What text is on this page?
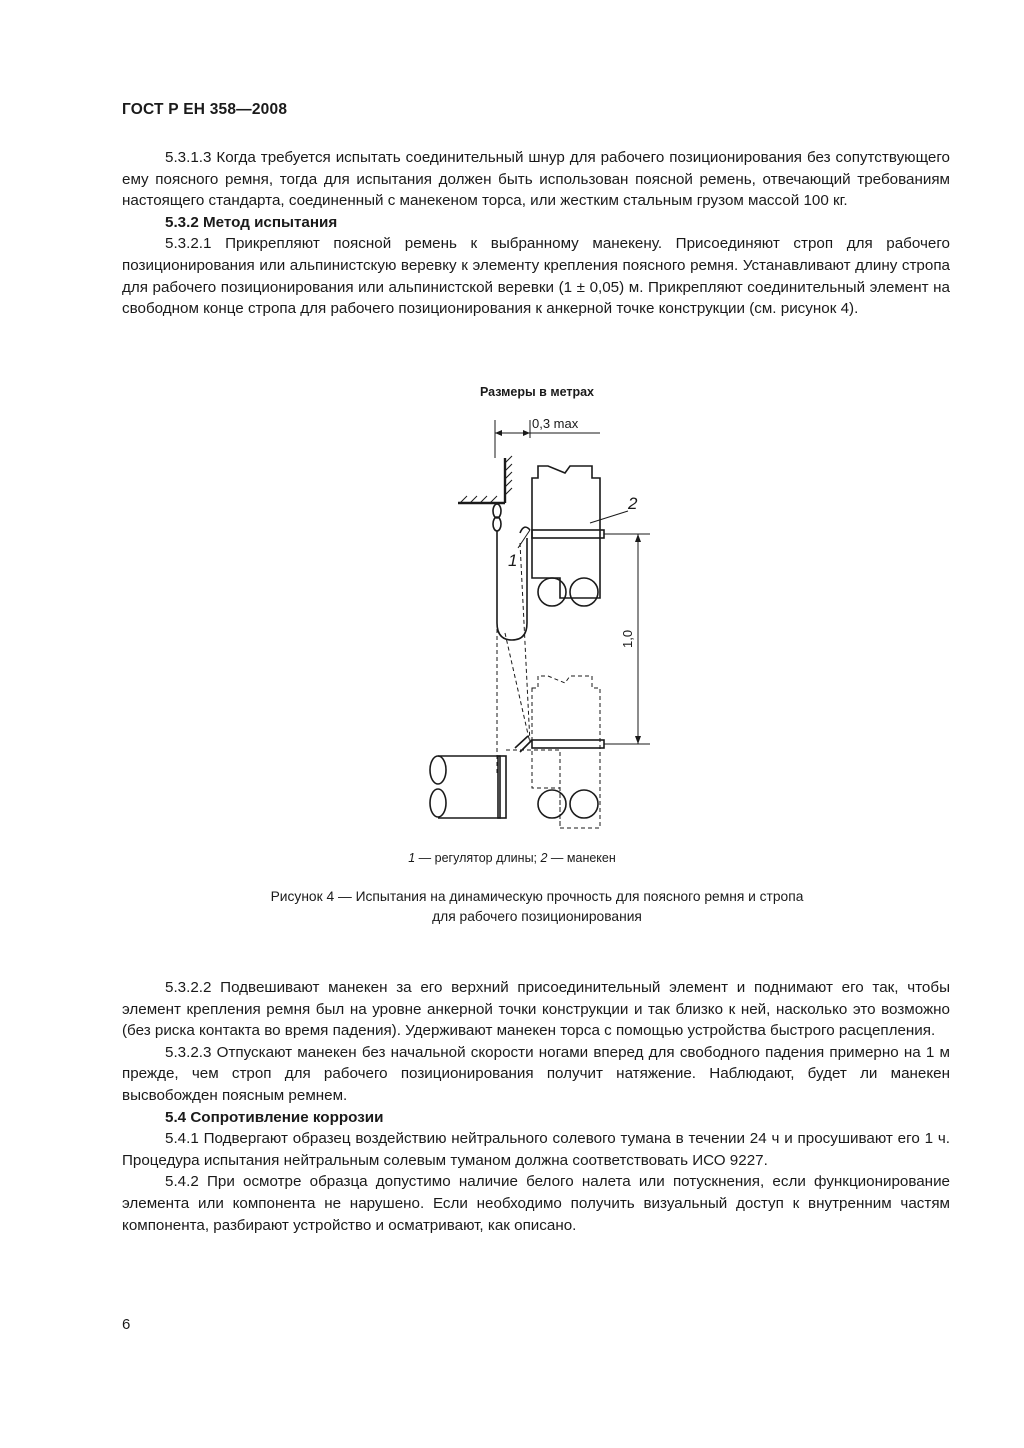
ГОСТ Р ЕН 358—2008

5.3.1.3 Когда требуется испытать соединительный шнур для рабочего позиционирования без сопутствующего ему поясного ремня, тогда для испытания должен быть использован поясной ремень, отвечающий требованиям настоящего стандарта, соединенный с манекеном торса, или жестким стальным грузом массой 100 кг.

5.3.2 Метод испытания

5.3.2.1 Прикрепляют поясной ремень к выбранному манекену. Присоединяют строп для рабочего позиционирования или альпинистскую веревку к элементу крепления поясного ремня. Устанавливают длину стропа для рабочего позиционирования или альпинистской веревки (1 ± 0,05) м. Прикрепляют соединительный элемент на свободном конце стропа для рабочего позиционирования к анкерной точке конструкции (см. рисунок 4).

Размеры в метрах
0,3 max
2
1
1,0
1 — регулятор длины; 2 — манекен
Рисунок 4 — Испытания на динамическую прочность для поясного ремня и стропа
для рабочего позиционирования

5.3.2.2 Подвешивают манекен за его верхний присоединительный элемент и поднимают его так, чтобы элемент крепления ремня был на уровне анкерной точки конструкции и так близко к ней, насколько это возможно (без риска контакта во время падения). Удерживают манекен торса с помощью устройства быстрого расцепления.

5.3.2.3 Отпускают манекен без начальной скорости ногами вперед для свободного падения примерно на 1 м прежде, чем строп для рабочего позиционирования получит натяжение. Наблюдают, будет ли манекен высвобожден поясным ремнем.

5.4 Сопротивление коррозии

5.4.1 Подвергают образец воздействию нейтрального солевого тумана в течении 24 ч и просушивают его 1 ч. Процедура испытания нейтральным солевым туманом должна соответствовать ИСО 9227.

5.4.2 При осмотре образца допустимо наличие белого налета или потускнения, если функционирование элемента или компонента не нарушено. Если необходимо получить визуальный доступ к внутренним частям компонента, разбирают устройство и осматривают, как описано.

6
